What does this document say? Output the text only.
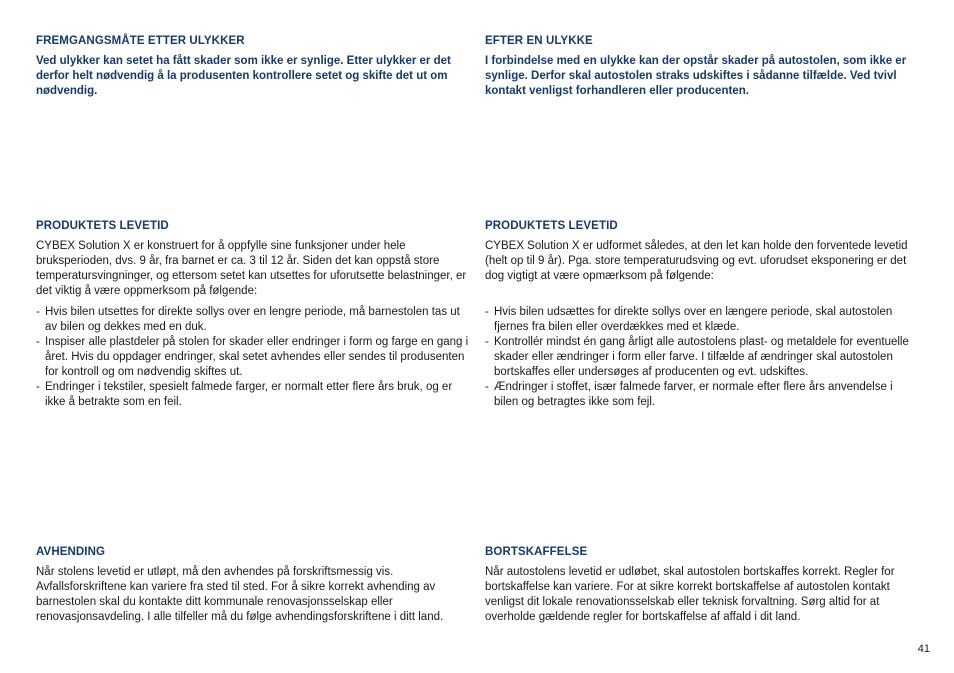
FREMGANGSMÅTE ETTER ULYKKER

Ved ulykker kan setet ha fått skader som ikke er synlige. Etter ulykker er det derfor helt nødvendig å la produsenten kontrollere setet og skifte det ut om nødvendig.

PRODUKTETS LEVETID

CYBEX Solution X er konstruert for å oppfylle sine funksjoner under hele bruksperioden, dvs. 9 år, fra barnet er ca. 3 til 12 år. Siden det kan oppstå store temperatursvingninger, og ettersom setet kan utsettes for uforutsette belastninger, er det viktig å være oppmerksom på følgende:

- Hvis bilen utsettes for direkte sollys over en lengre periode, må barnestolen tas ut av bilen og dekkes med en duk.
- Inspiser alle plastdeler på stolen for skader eller endringer i form og farge en gang i året. Hvis du oppdager endringer, skal setet avhendes eller sendes til produsenten for kontroll og om nødvendig skiftes ut.
- Endringer i tekstiler, spesielt falmede farger, er normalt etter flere års bruk, og er ikke å betrakte som en feil.
AVHENDING

Når stolens levetid er utløpt, må den avhendes på forskriftsmessig vis. Avfallsforskriftene kan variere fra sted til sted. For å sikre korrekt avhending av barnestolen skal du kontakte ditt kommunale renovasjonsselskap eller renovasjonsavdeling. I alle tilfeller må du følge avhendingsforskriftene i ditt land.

EFTER EN ULYKKE

I forbindelse med en ulykke kan der opstår skader på autostolen, som ikke er synlige. Derfor skal autostolen straks udskiftes i sådanne tilfælde. Ved tvivl kontakt venligst forhandleren eller producenten.

PRODUKTETS LEVETID

CYBEX Solution X er udformet således, at den let kan holde den forventede levetid (helt op til 9 år). Pga. store temperaturudsving og evt. uforudset eksponering er det dog vigtigt at være opmærksom på følgende:

- Hvis bilen udsættes for direkte sollys over en længere periode, skal autostolen fjernes fra bilen eller overdækkes med et klæde.
- Kontrollér mindst én gang årligt alle autostolens plast- og metaldele for eventuelle skader eller ændringer i form eller farve. I tilfælde af ændringer skal autostolen bortskaffes eller undersøges af producenten og evt. udskiftes.
- Ændringer i stoffet, især falmede farver, er normale efter flere års anvendelse i bilen og betragtes ikke som fejl.
BORTSKAFFELSE

Når autostolens levetid er udløbet, skal autostolen bortskaffes korrekt. Regler for bortskaffelse kan variere. For at sikre korrekt bortskaffelse af autostolen kontakt venligst dit lokale renovationsselskab eller teknisk forvaltning. Sørg altid for at overholde gældende regler for bortskaffelse af affald i dit land.

41
